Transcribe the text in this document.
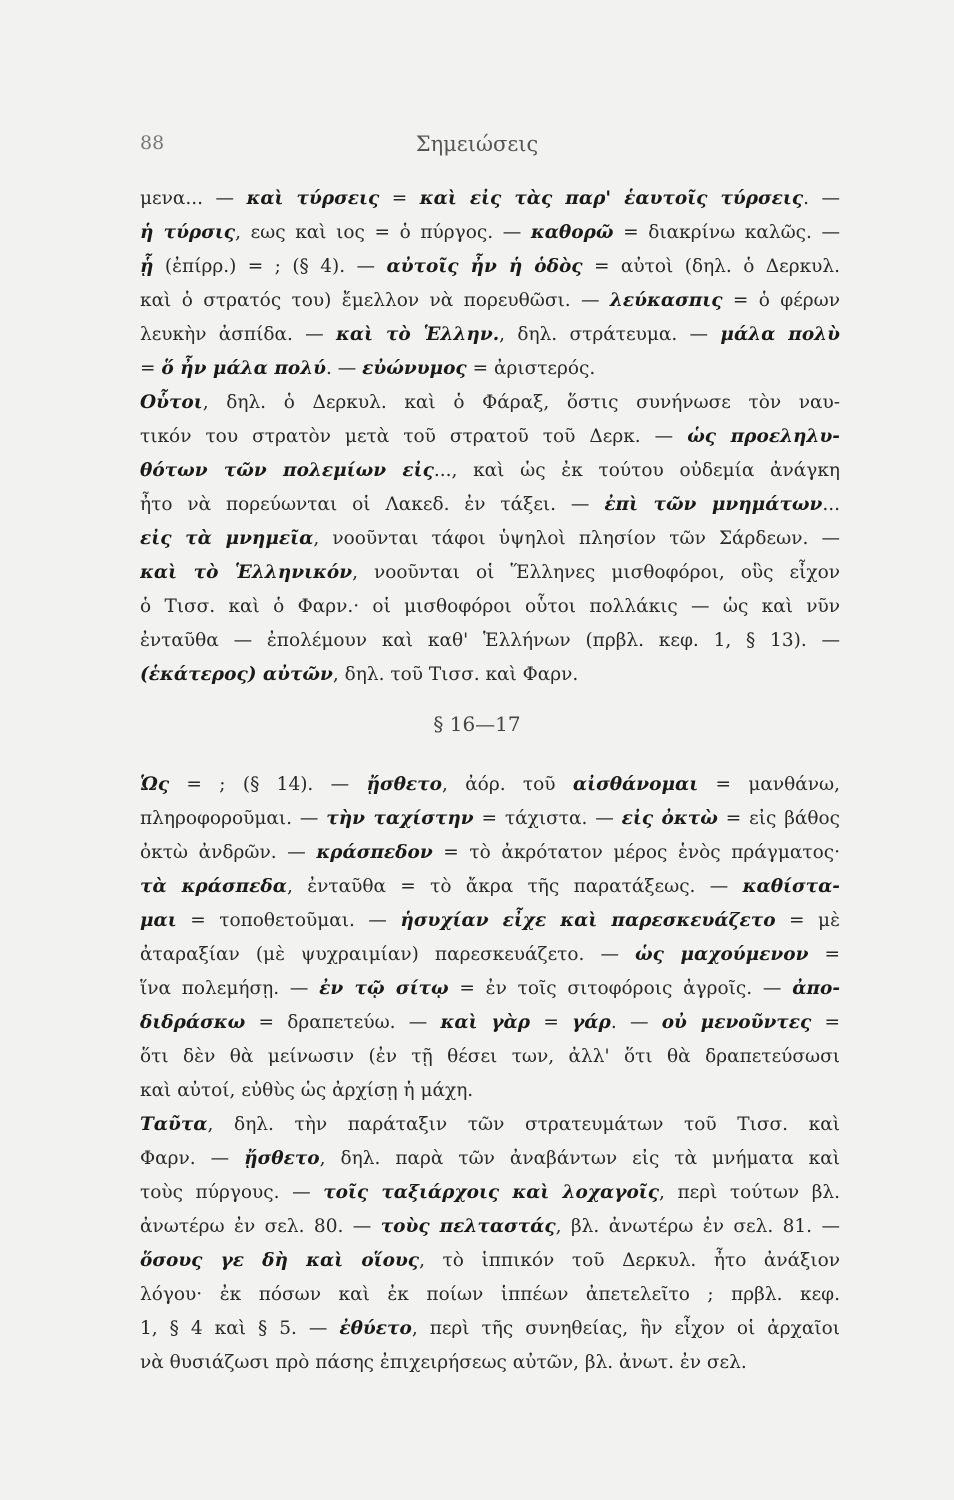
88	Σημειώσεις
μενα... — καὶ τύρσεις = καὶ εἰς τὰς παρ' ἑαυτοῖς τύρσεις. —
ἡ τύρσις, εως καὶ ιος = ὁ πύργος. — καθορῶ = διακρίνω καλῶς. —
ᾗ (ἐπίρρ.) = ; (§ 4). — αὐτοῖς ἦν ἡ ὁδὸς = αὐτοὶ (δηλ. ὁ Δερκυλ.
καὶ ὁ στρατός του) ἔμελλον νὰ πορευθῶσι. — λεύκασπις = ὁ φέρων
λευκὴν ἀσπίδα. — καὶ τὸ Ἑλλην., δηλ. στράτευμα. — μάλα πολὺ
= ὅ ἦν μάλα πολύ. — εὐώνυμος = ἀριστερός.
Οὗτοι, δηλ. ὁ Δερκυλ. καὶ ὁ Φάραξ, ὅστις συνήνωσε τὸν ναυ-
τικόν του στρατὸν μετὰ τοῦ στρατοῦ τοῦ Δερκ. — ὡς προεληλυ-
θότων τῶν πολεμίων εἰς..., καὶ ὡς ἐκ τούτου οὐδεμία ἀνάγκη
ἦτο νὰ πορεύωνται οἱ Λακεδ. ἐν τάξει. — ἐπὶ τῶν μνημάτων...
εἰς τὰ μνημεῖα, νοοῦνται τάφοι ὑψηλοὶ πλησίον τῶν Σάρδεων. —
καὶ τὸ Ἑλληνικόν, νοοῦνται οἱ Ἕλληνες μισθοφόροι, οὓς εἶχον
ὁ Τισσ. καὶ ὁ Φαρν.· οἱ μισθοφόροι οὗτοι πολλάκις — ὡς καὶ νῦν
ἐνταῦθα — ἐπολέμουν καὶ καθ' Ἑλλήνων (πρβλ. κεφ. 1, § 13). —
(ἑκάτερος) αὐτῶν, δηλ. τοῦ Τισσ. καὶ Φαρν.
§ 16—17
Ὡς = ; (§ 14). — ᾔσθετο, ἀόρ. τοῦ αἰσθάνομαι = μανθάνω,
πληροφοροῦμαι. — τὴν ταχίστην = τάχιστα. — εἰς ὀκτὼ = εἰς βάθος
ὀκτὼ ἀνδρῶν. — κράσπεδον = τὸ ἀκρότατον μέρος ἑνὸς πράγματος·
τὰ κράσπεδα, ἐνταῦθα = τὸ ἄκρα τῆς παρατάξεως. — καθίστα-
μαι = τοποθετοῦμαι. — ἡσυχίαν εἶχε καὶ παρεσκευάζετο = μὲ
ἀταραξίαν (μὲ ψυχραιμίαν) παρεσκευάζετο. — ὡς μαχούμενον =
ἵνα πολεμήσῃ. — ἐν τῷ σίτῳ = ἐν τοῖς σιτοφόροις ἀγροῖς. — ἀπο-
διδράσκω = δραπετεύω. — καὶ γὰρ = γάρ. — οὐ μενοῦντες =
ὅτι δὲν θὰ μείνωσιν (ἐν τῇ θέσει των, ἀλλ' ὅτι θὰ δραπετεύσωσι
καὶ αὐτοί, εὐθὺς ὡς ἀρχίσῃ ἡ μάχη.
Ταῦτα, δηλ. τὴν παράταξιν τῶν στρατευμάτων τοῦ Τισσ. καὶ
Φαρν. — ᾔσθετο, δηλ. παρὰ τῶν ἀναβάντων εἰς τὰ μνήματα καὶ
τοὺς πύργους. — τοῖς ταξιάρχοις καὶ λοχαγοῖς, περὶ τούτων βλ.
ἀνωτέρω ἐν σελ. 80. — τοὺς πελταστάς, βλ. ἀνωτέρω ἐν σελ. 81. —
ὅσους γε δὴ καὶ οἵους, τὸ ἱππικόν τοῦ Δερκυλ. ἦτο ἀνάξιον
λόγου· ἐκ πόσων καὶ ἐκ ποίων ἱππέων ἀπετελεῖτο ; πρβλ. κεφ.
1, § 4 καὶ § 5. — ἐθύετο, περὶ τῆς συνηθείας, ἣν εἶχον οἱ ἀρχαῖοι
νὰ θυσιάζωσι πρὸ πάσης ἐπιχειρήσεως αὐτῶν, βλ. ἀνωτ. ἐν σελ.
